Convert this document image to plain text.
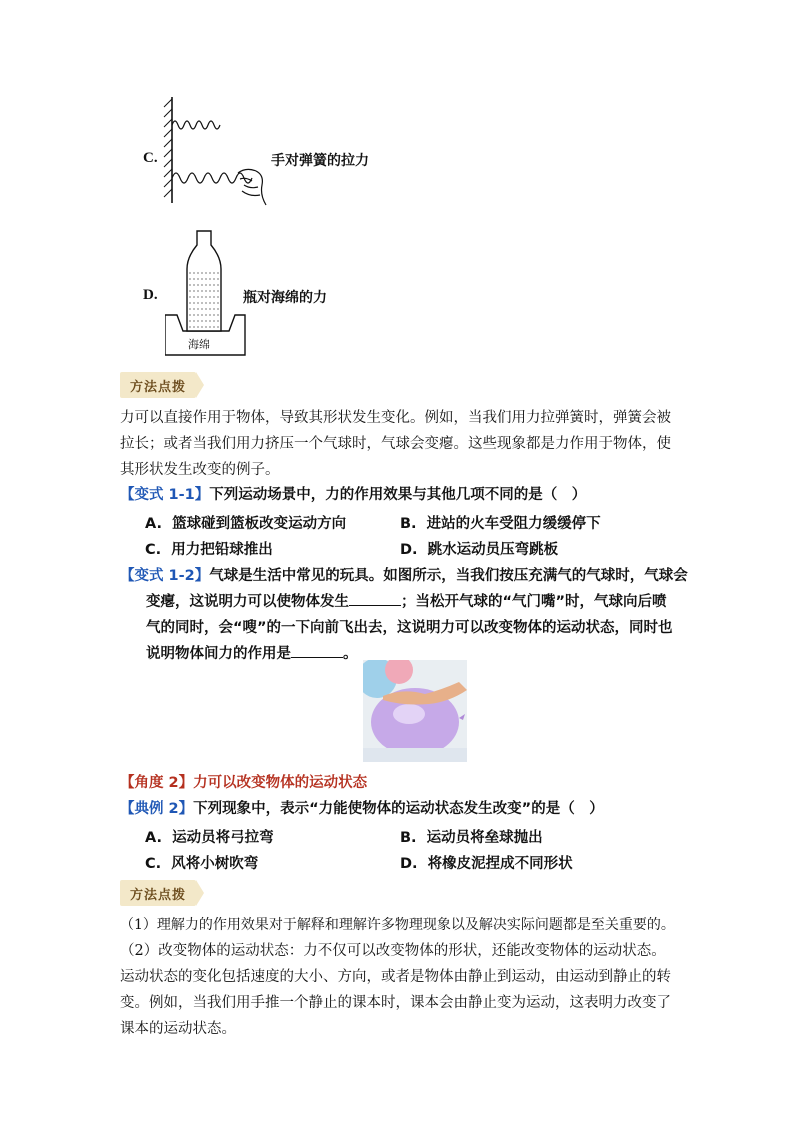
C.	手对弹簧的拉力
D.
海绵
瓶对海绵的力
方法点拨
力可以直接作用于物体，导致其形状发生变化。例如，当我们用力拉弹簧时，弹簧会被拉长；或者当我们用力挤压一个气球时，气球会变瘪。这些现象都是力作用于物体，使其形状发生改变的例子。
【变式 1-1】下列运动场景中，力的作用效果与其他几项不同的是（　）
A. 篮球碰到篮板改变运动方向	B. 进站的火车受阻力缓缓停下
C. 用力把铅球推出	D. 跳水运动员压弯跳板
【变式 1-2】气球是生活中常见的玩具。如图所示，当我们按压充满气的气球时，气球会
变瘪，这说明力可以使物体发生	；当松开气球的“气门嘴”时，气球向后喷
气的同时，会“嗖”的一下向前飞出去，这说明力可以改变物体的运动状态，同时也
说明物体间力的作用是	。
【角度 2】力可以改变物体的运动状态
【典例 2】下列现象中，表示“力能使物体的运动状态发生改变”的是（　）
A. 运动员将弓拉弯	B. 运动员将垒球抛出
C. 风将小树吹弯	D. 将橡皮泥捏成不同形状
方法点拨
（1）理解力的作用效果对于解释和理解许多物理现象以及解决实际问题都是至关重要的。
（2）改变物体的运动状态：力不仅可以改变物体的形状，还能改变物体的运动状态。运动状态的变化包括速度的大小、方向，或者是物体由静止到运动，由运动到静止的转变。例如，当我们用手推一个静止的课本时，课本会由静止变为运动，这表明力改变了课本的运动状态。
